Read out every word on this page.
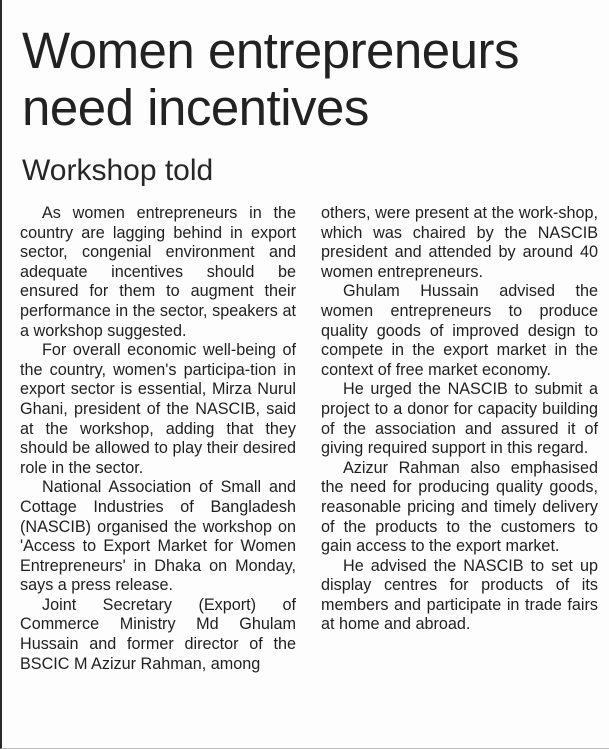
Women entrepreneurs need incentives
Workshop told

As women entrepreneurs in the country are lagging behind in export sector, congenial environment and adequate incentives should be ensured for them to augment their performance in the sector, speakers at a workshop suggested.

For overall economic well-being of the country, women's participa-tion in export sector is essential, Mirza Nurul Ghani, president of the NASCIB, said at the workshop, adding that they should be allowed to play their desired role in the sector.

National Association of Small and Cottage Industries of Bangladesh (NASCIB) organised the workshop on 'Access to Export Market for Women Entrepreneurs' in Dhaka on Monday, says a press release.

Joint Secretary (Export) of Commerce Ministry Md Ghulam Hussain and former director of the BSCIC M Azizur Rahman, among

others, were present at the work-shop, which was chaired by the NASCIB president and attended by around 40 women entrepreneurs.

Ghulam Hussain advised the women entrepreneurs to produce quality goods of improved design to compete in the export market in the context of free market economy.

He urged the NASCIB to submit a project to a donor for capacity building of the association and assured it of giving required support in this regard.

Azizur Rahman also emphasised the need for producing quality goods, reasonable pricing and timely delivery of the products to the customers to gain access to the export market.

He advised the NASCIB to set up display centres for products of its members and participate in trade fairs at home and abroad.
